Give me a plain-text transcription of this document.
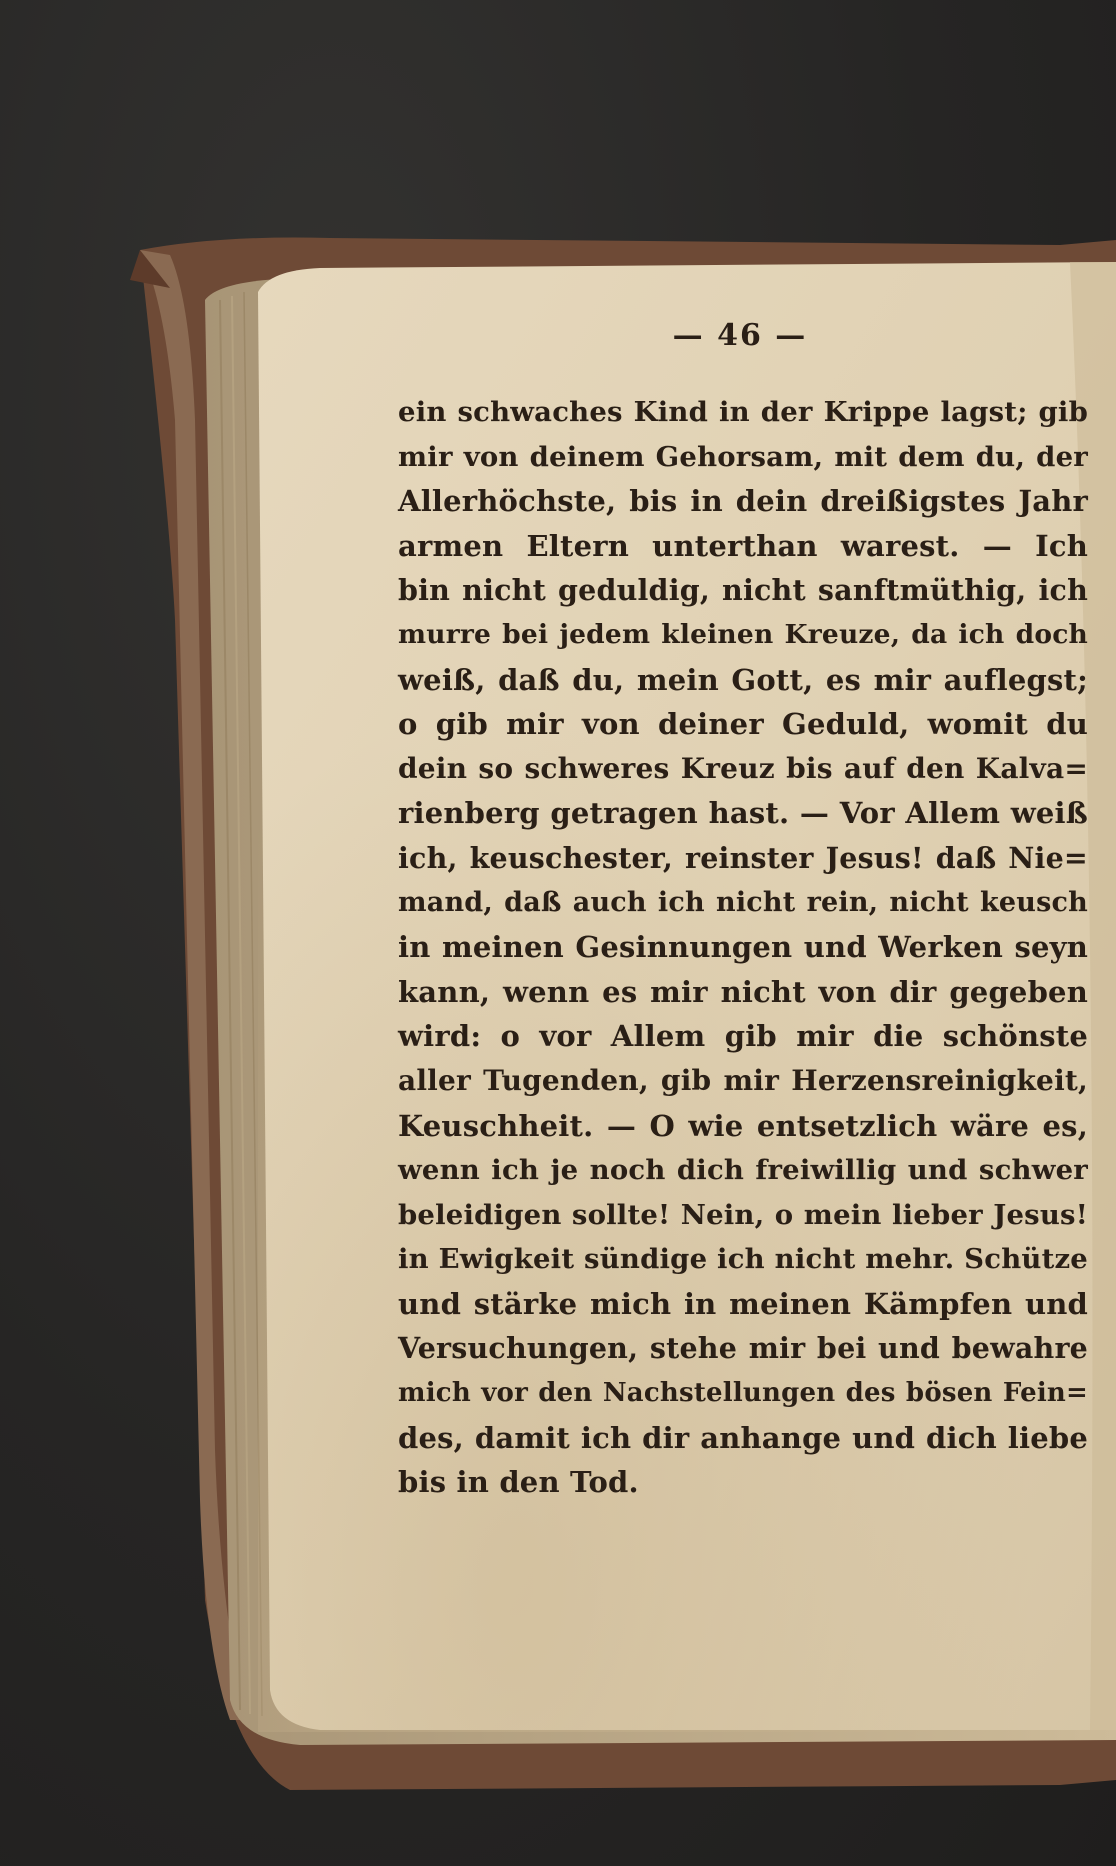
— 46 —
ein schwaches Kind in der Krippe lagst; gib
mir von deinem Gehorsam, mit dem du, der
Allerhöchste, bis in dein dreißigstes Jahr
armen Eltern unterthan warest. — Ich
bin nicht geduldig, nicht sanftmüthig, ich
murre bei jedem kleinen Kreuze, da ich doch
weiß, daß du, mein Gott, es mir auflegst;
o gib mir von deiner Geduld, womit du
dein so schweres Kreuz bis auf den Kalva=
rienberg getragen hast. — Vor Allem weiß
ich, keuschester, reinster Jesus! daß Nie=
mand, daß auch ich nicht rein, nicht keusch
in meinen Gesinnungen und Werken seyn
kann, wenn es mir nicht von dir gegeben
wird: o vor Allem gib mir die schönste
aller Tugenden, gib mir Herzensreinigkeit,
Keuschheit. — O wie entsetzlich wäre es,
wenn ich je noch dich freiwillig und schwer
beleidigen sollte! Nein, o mein lieber Jesus!
in Ewigkeit sündige ich nicht mehr. Schütze
und stärke mich in meinen Kämpfen und
Versuchungen, stehe mir bei und bewahre
mich vor den Nachstellungen des bösen Fein=
des, damit ich dir anhange und dich liebe
bis in den Tod.
